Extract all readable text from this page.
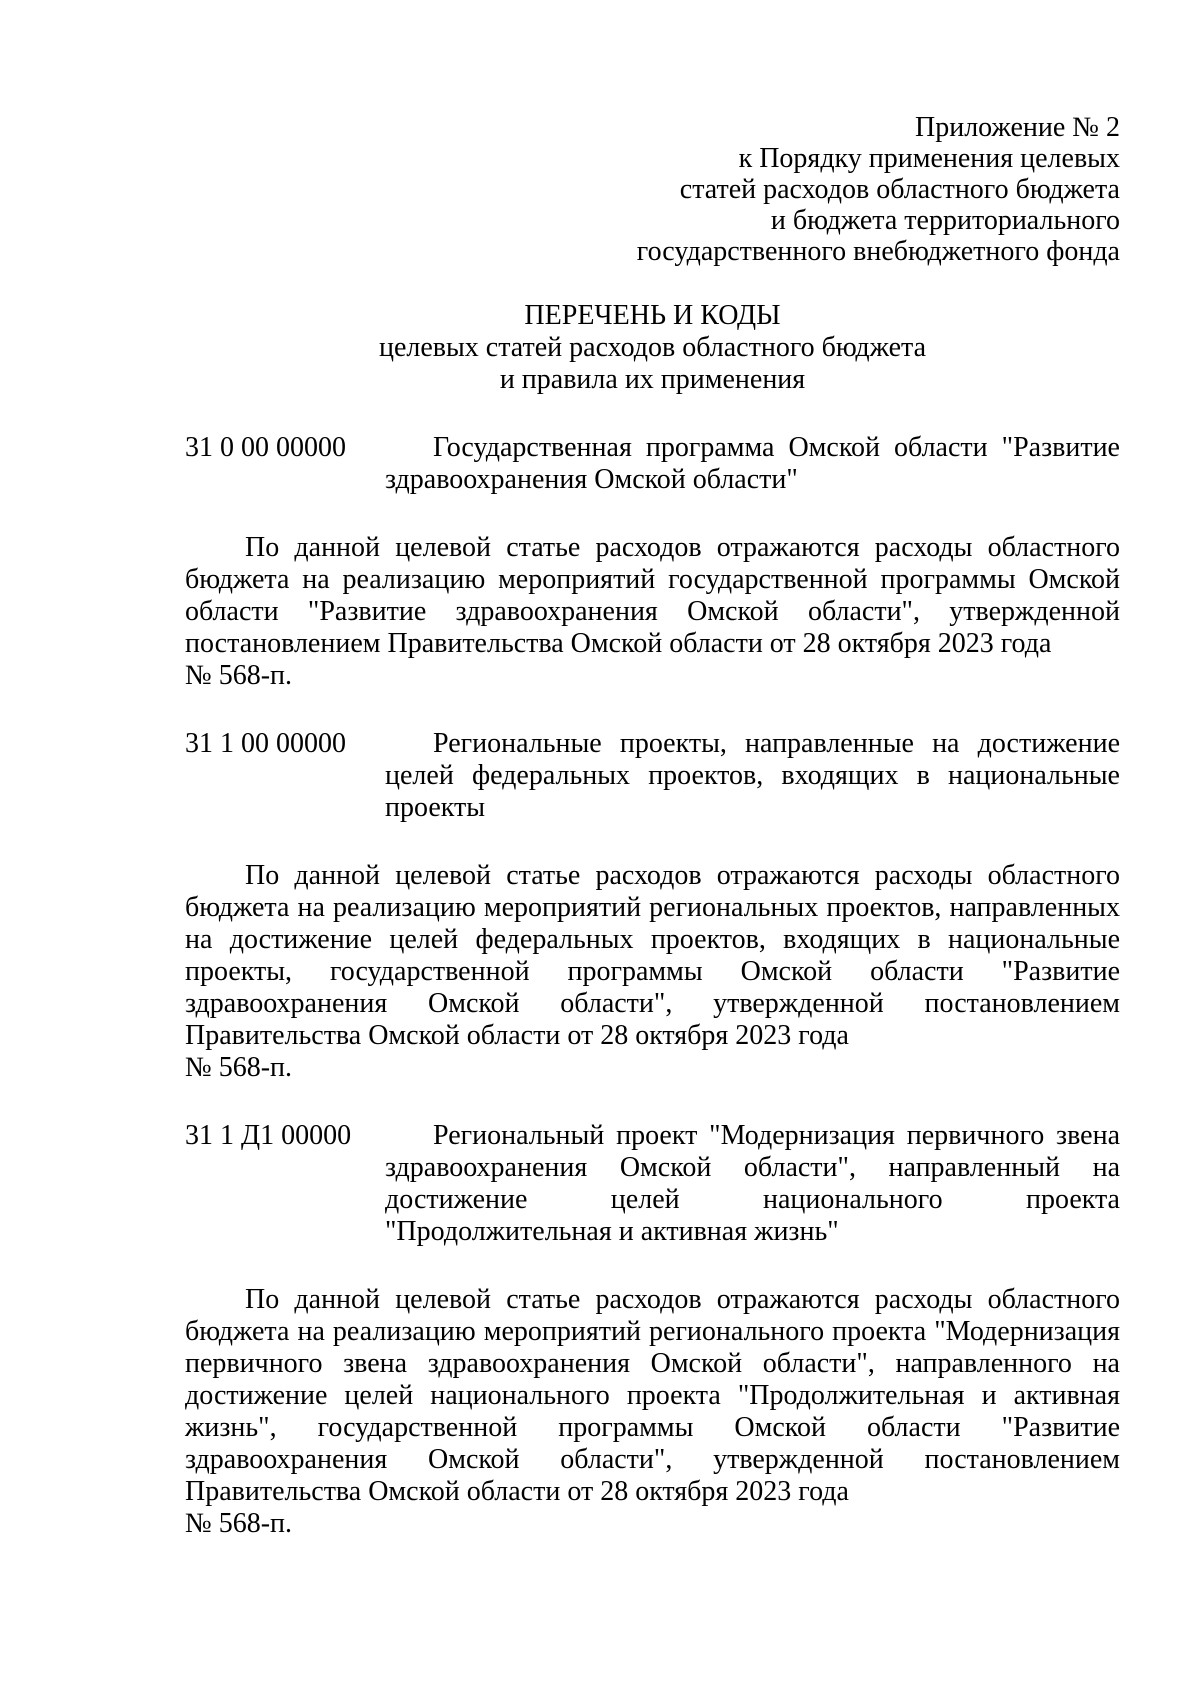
Приложение № 2
к Порядку применения целевых
статей расходов областного бюджета
и бюджета территориального
государственного внебюджетного фонда
ПЕРЕЧЕНЬ И КОДЫ
целевых статей расходов областного бюджета
и правила их применения
31 0 00 00000	Государственная программа Омской области "Развитие здравоохранения Омской области"
По данной целевой статье расходов отражаются расходы областного бюджета на реализацию мероприятий государственной программы Омской области "Развитие здравоохранения Омской области", утвержденной постановлением Правительства Омской области от 28 октября 2023 года
№ 568-п.
31 1 00 00000	Региональные проекты, направленные на достижение целей федеральных проектов, входящих в национальные проекты
По данной целевой статье расходов отражаются расходы областного бюджета на реализацию мероприятий региональных проектов, направленных на достижение целей федеральных проектов, входящих в национальные проекты, государственной программы Омской области "Развитие здравоохранения Омской области", утвержденной постановлением Правительства Омской области от 28 октября 2023 года
№ 568-п.
31 1 Д1 00000	Региональный проект "Модернизация первичного звена здравоохранения Омской области", направленный на достижение целей национального проекта "Продолжительная и активная жизнь"
По данной целевой статье расходов отражаются расходы областного бюджета на реализацию мероприятий регионального проекта "Модернизация первичного звена здравоохранения Омской области", направленного на достижение целей национального проекта "Продолжительная и активная жизнь", государственной программы Омской области "Развитие здравоохранения Омской области", утвержденной постановлением Правительства Омской области от 28 октября 2023 года
№ 568-п.
